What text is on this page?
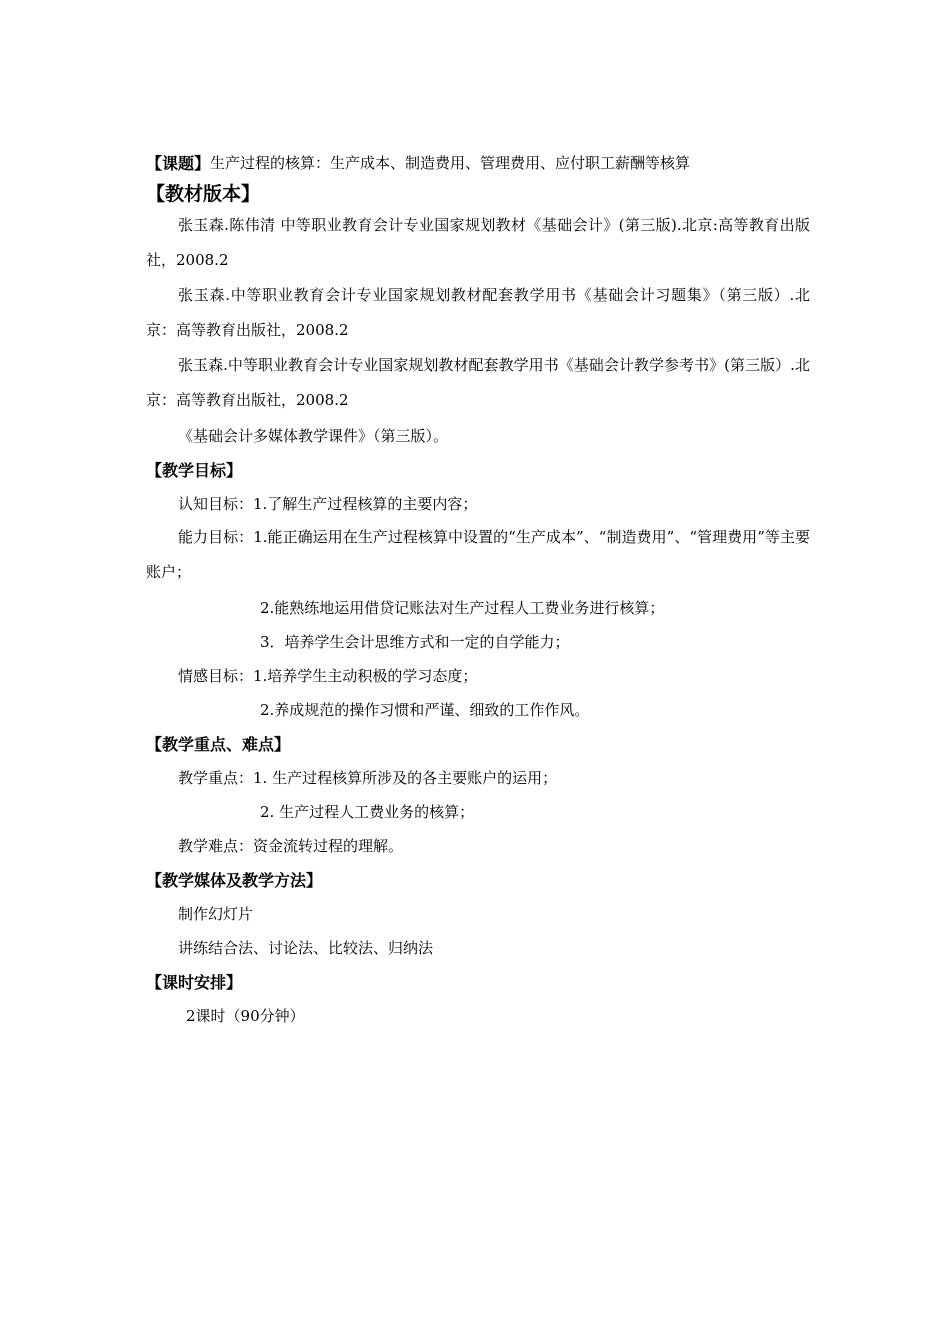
【课题】 生产过程的核算：生产成本、制造费用、管理费用、应付职工薪酬等核算
【教材版本】
张玉森.陈伟清 中等职业教育会计专业国家规划教材《基础会计》(第三版).北京:高等教育出版社，2008.2
张玉森.中等职业教育会计专业国家规划教材配套教学用书《基础会计习题集》（第三版）.北京：高等教育出版社，2008.2
张玉森.中等职业教育会计专业国家规划教材配套教学用书《基础会计教学参考书》(第三版）.北京：高等教育出版社，2008.2
《基础会计多媒体教学课件》（第三版）。
【教学目标】
认知目标：1.了解生产过程核算的主要内容；
能力目标：1.能正确运用在生产过程核算中设置的“生产成本”、“制造费用”、“管理费用”等主要账户；
2.能熟练地运用借贷记账法对生产过程人工费业务进行核算；
3．培养学生会计思维方式和一定的自学能力；
情感目标：1.培养学生主动积极的学习态度；
2.养成规范的操作习惯和严谨、细致的工作作风。
【教学重点、难点】
教学重点：1. 生产过程核算所涉及的各主要账户的运用；
2. 生产过程人工费业务的核算；
教学难点：资金流转过程的理解。
【教学媒体及教学方法】
制作幻灯片
讲练结合法、讨论法、比较法、归纳法
【课时安排】
2课时（90分钟）
